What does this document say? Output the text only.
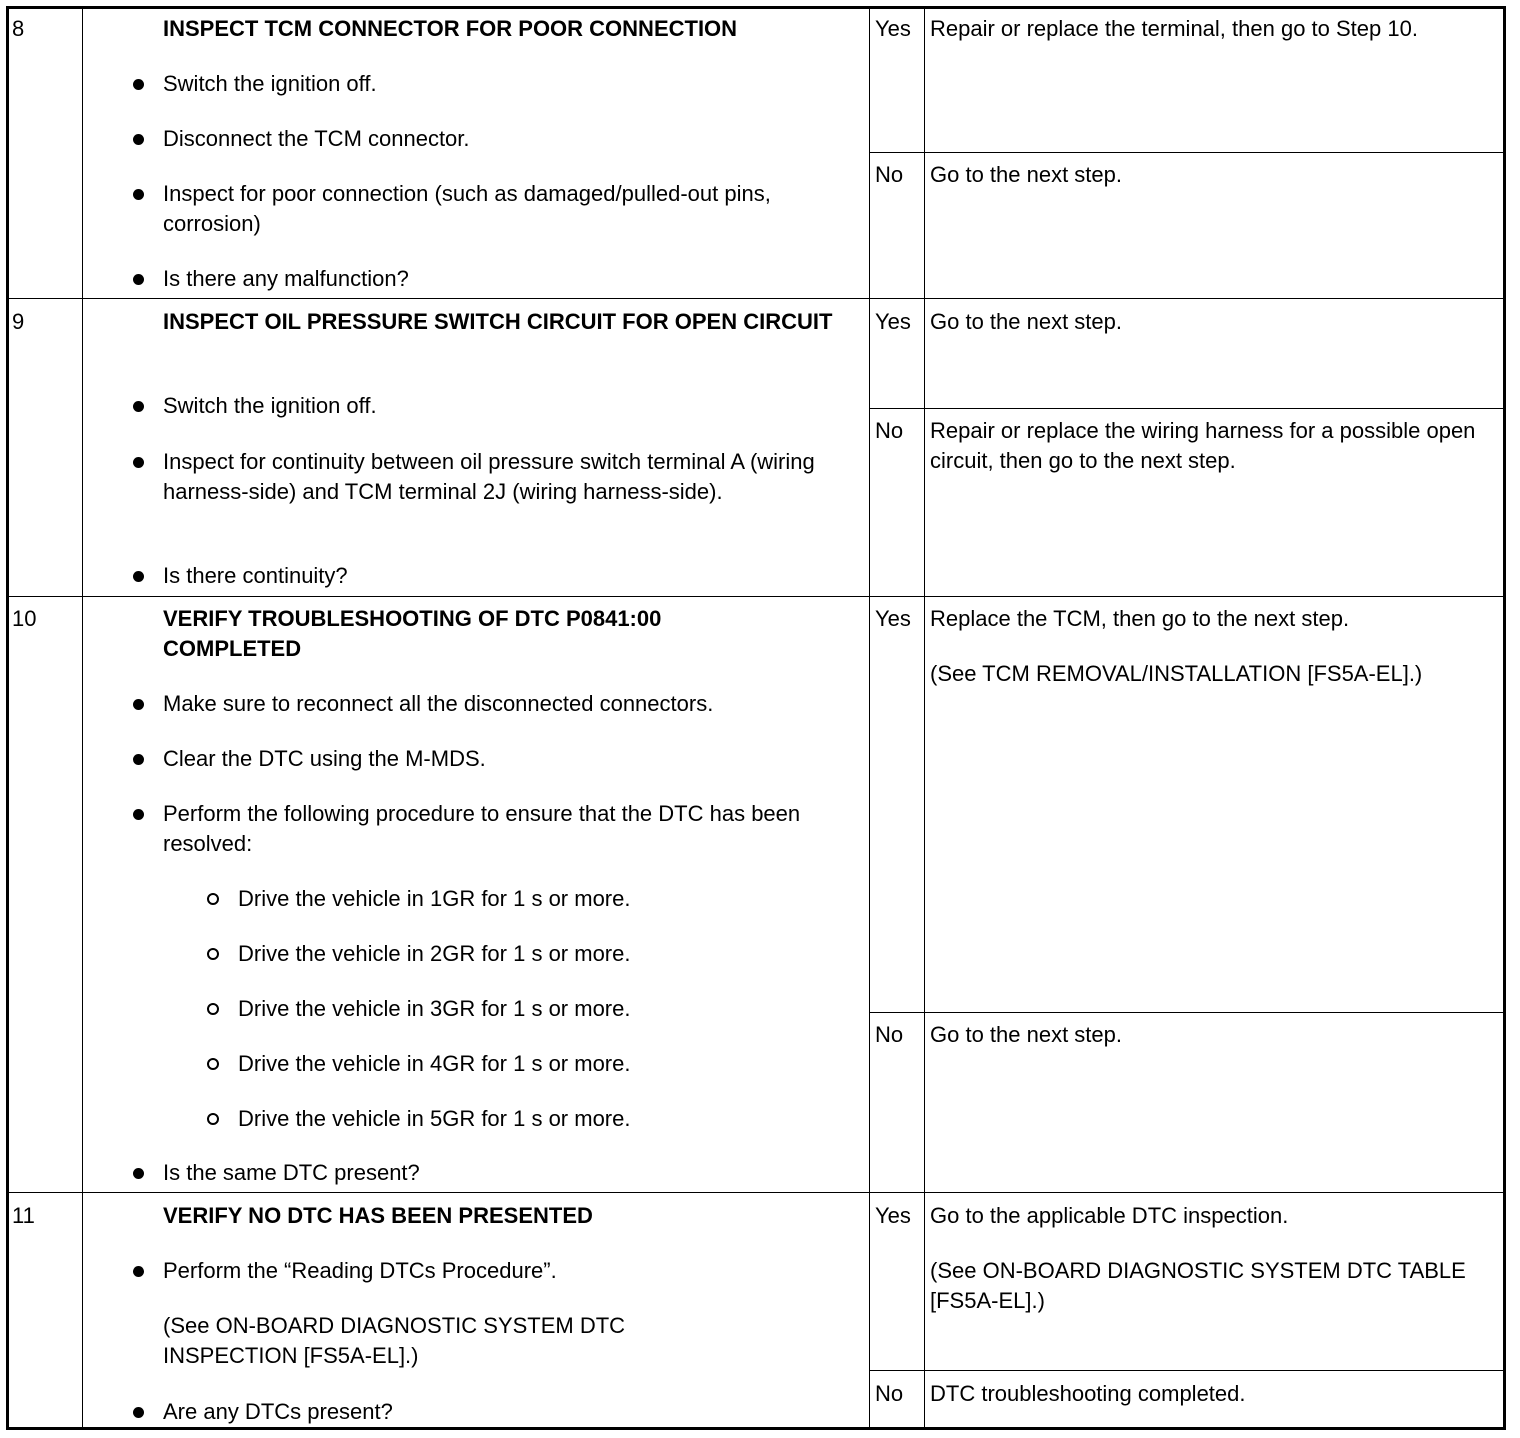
8	INSPECT TCM CONNECTOR FOR POOR CONNECTION
Switch the ignition off.
Disconnect the TCM connector.
Inspect for poor connection (such as damaged/pulled-out pins, corrosion)
Is there any malfunction?
Yes Repair or replace the terminal, then go to Step 10.
No Go to the next step.
9	INSPECT OIL PRESSURE SWITCH CIRCUIT FOR OPEN CIRCUIT
Switch the ignition off.
Inspect for continuity between oil pressure switch terminal A (wiring harness-side) and TCM terminal 2J (wiring harness-side).
Is there continuity?
Yes Go to the next step.
No Repair or replace the wiring harness for a possible open circuit, then go to the next step.
10	VERIFY TROUBLESHOOTING OF DTC P0841:00 COMPLETED
Make sure to reconnect all the disconnected connectors.
Clear the DTC using the M-MDS.
Perform the following procedure to ensure that the DTC has been resolved:
Drive the vehicle in 1GR for 1 s or more.
Drive the vehicle in 2GR for 1 s or more.
Drive the vehicle in 3GR for 1 s or more.
Drive the vehicle in 4GR for 1 s or more.
Drive the vehicle in 5GR for 1 s or more.
Is the same DTC present?
Yes Replace the TCM, then go to the next step.
(See TCM REMOVAL/INSTALLATION [FS5A-EL].)
No Go to the next step.
11	VERIFY NO DTC HAS BEEN PRESENTED
Perform the “Reading DTCs Procedure”.
(See ON-BOARD DIAGNOSTIC SYSTEM DTC INSPECTION [FS5A-EL].)
Are any DTCs present?
Yes Go to the applicable DTC inspection.
(See ON-BOARD DIAGNOSTIC SYSTEM DTC TABLE [FS5A-EL].)
No DTC troubleshooting completed.
